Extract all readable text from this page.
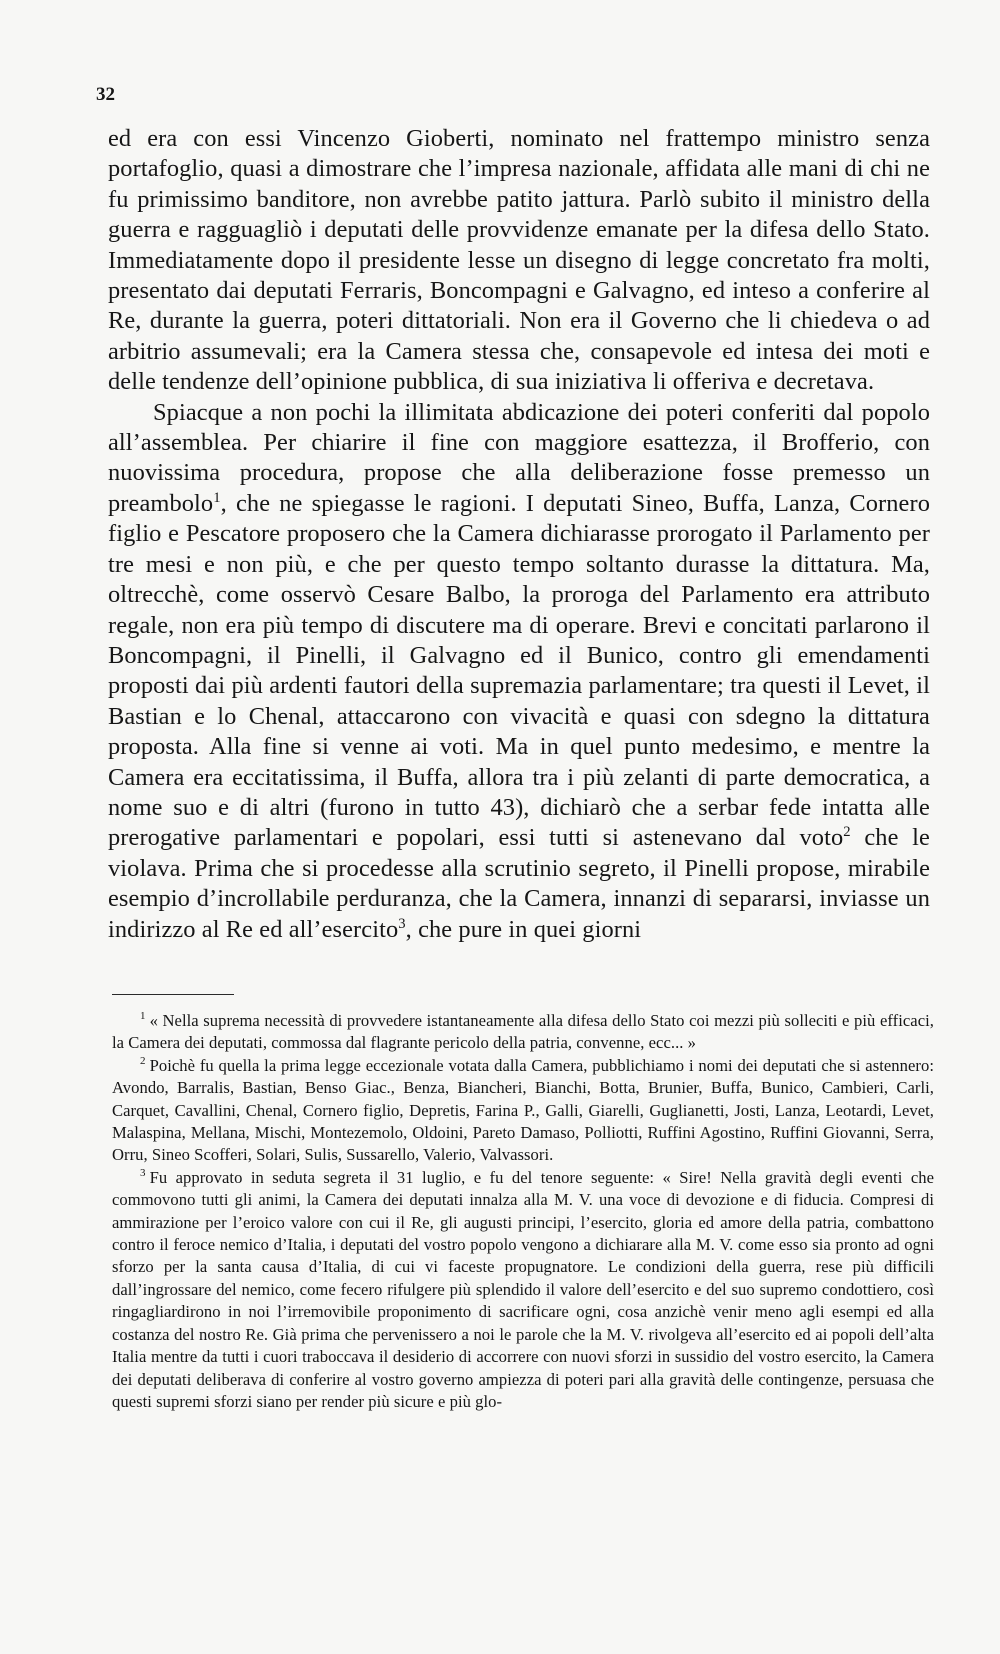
32

ed era con essi Vincenzo Gioberti, nominato nel frattempo ministro senza portafoglio, quasi a dimostrare che l’impresa nazionale, affidata alle mani di chi ne fu primissimo banditore, non avrebbe patito jattura. Parlò subito il ministro della guerra e ragguagliò i deputati delle provvidenze emanate per la difesa dello Stato. Immediatamente dopo il presidente lesse un disegno di legge concretato fra molti, presentato dai deputati Ferraris, Boncompagni e Galvagno, ed inteso a conferire al Re, durante la guerra, poteri dittatoriali. Non era il Governo che li chiedeva o ad arbitrio assumevali; era la Camera stessa che, consapevole ed intesa dei moti e delle tendenze dell’opinione pubblica, di sua iniziativa li offeriva e decretava.

Spiacque a non pochi la illimitata abdicazione dei poteri conferiti dal popolo all’assemblea. Per chiarire il fine con maggiore esattezza, il Brofferio, con nuovissima procedura, propose che alla deliberazione fosse premesso un preambolo$^1$, che ne spiegasse le ragioni. I deputati Sineo, Buffa, Lanza, Cornero figlio e Pescatore proposero che la Camera dichiarasse prorogato il Parlamento per tre mesi e non più, e che per questo tempo soltanto durasse la dittatura. Ma, oltrecchè, come osservò Cesare Balbo, la proroga del Parlamento era attributo regale, non era più tempo di discutere ma di operare. Brevi e concitati parlarono il Boncompagni, il Pinelli, il Galvagno ed il Bunico, contro gli emendamenti proposti dai più ardenti fautori della supremazia parlamentare; tra questi il Levet, il Bastian e lo Chenal, attaccarono con vivacità e quasi con sdegno la dittatura proposta. Alla fine si venne ai voti. Ma in quel punto medesimo, e mentre la Camera era eccitatissima, il Buffa, allora tra i più zelanti di parte democratica, a nome suo e di altri (furono in tutto 43), dichiarò che a serbar fede intatta alle prerogative parlamentari e popolari, essi tutti si astenevano dal voto$^2$ che le violava. Prima che si procedesse alla scrutinio segreto, il Pinelli propose, mirabile esempio d’incrollabile perduranza, che la Camera, innanzi di separarsi, inviasse un indirizzo al Re ed all’esercito$^3$, che pure in quei giorni

$^1$ « Nella suprema necessità di provvedere istantaneamente alla difesa dello Stato coi mezzi più solleciti e più efficaci, la Camera dei deputati, commossa dal flagrante pericolo della patria, convenne, ecc... »

$^2$ Poichè fu quella la prima legge eccezionale votata dalla Camera, pubblichiamo i nomi dei deputati che si astennero: Avondo, Barralis, Bastian, Benso Giac., Benza, Biancheri, Bianchi, Botta, Brunier, Buffa, Bunico, Cambieri, Carli, Carquet, Cavallini, Chenal, Cornero figlio, Depretis, Farina P., Galli, Giarelli, Guglianetti, Josti, Lanza, Leotardi, Levet, Malaspina, Mellana, Mischi, Montezemolo, Oldoini, Pareto Damaso, Polliotti, Ruffini Agostino, Ruffini Giovanni, Serra, Orru, Sineo Scofferi, Solari, Sulis, Sussarello, Valerio, Valvassori.

$^3$ Fu approvato in seduta segreta il 31 luglio, e fu del tenore seguente: « Sire! Nella gravità degli eventi che commovono tutti gli animi, la Camera dei deputati innalza alla M. V. una voce di devozione e di fiducia. Compresi di ammirazione per l’eroico valore con cui il Re, gli augusti principi, l’esercito, gloria ed amore della patria, combattono contro il feroce nemico d’Italia, i deputati del vostro popolo vengono a dichiarare alla M. V. come esso sia pronto ad ogni sforzo per la santa causa d’Italia, di cui vi faceste propugnatore. Le condizioni della guerra, rese più difficili dall’ingrossare del nemico, come fecero rifulgere più splendido il valore dell’esercito e del suo supremo condottiero, così ringagliardirono in noi l’irremovibile proponimento di sacrificare ogni, cosa anzichè venir meno agli esempi ed alla costanza del nostro Re. Già prima che pervenissero a noi le parole che la M. V. rivolgeva all’esercito ed ai popoli dell’alta Italia mentre da tutti i cuori traboccava il desiderio di accorrere con nuovi sforzi in sussidio del vostro esercito, la Camera dei deputati deliberava di conferire al vostro governo ampiezza di poteri pari alla gravità delle contingenze, persuasa che questi supremi sforzi siano per render più sicure e più glo-
